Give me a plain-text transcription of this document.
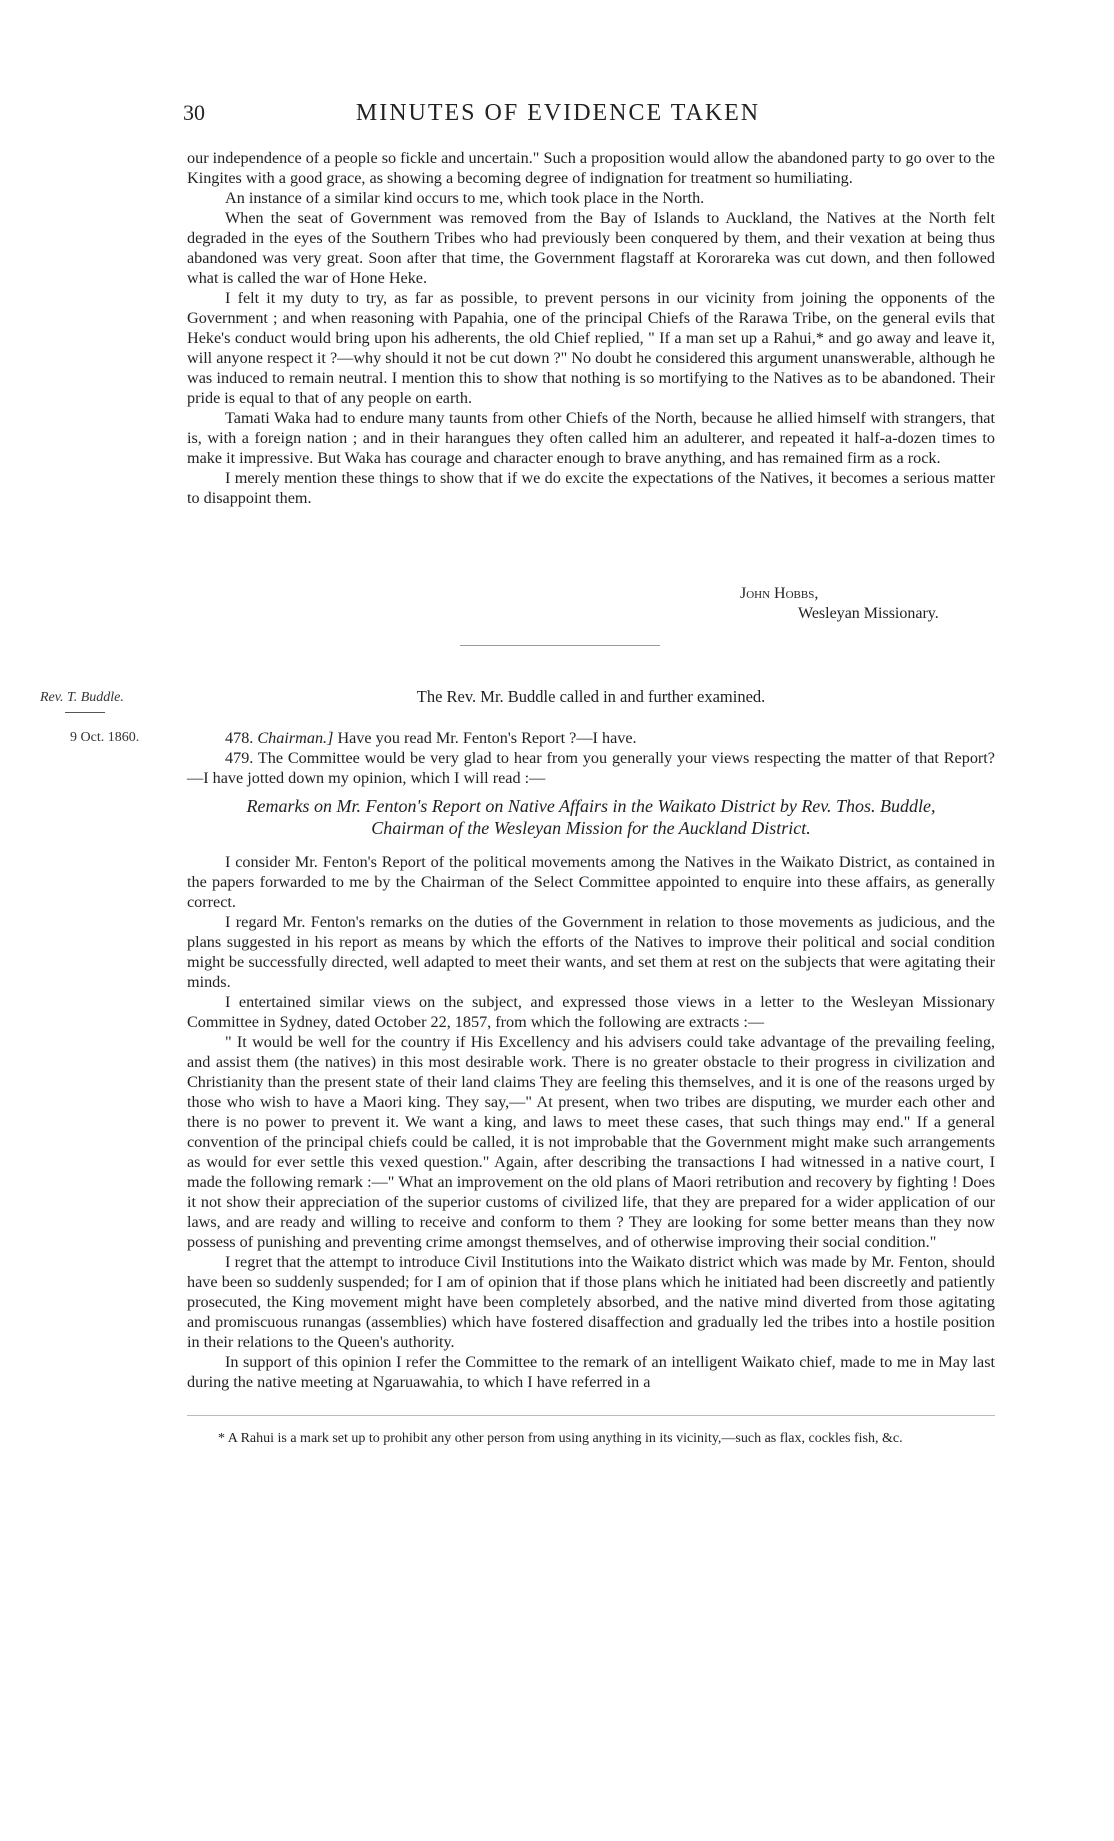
30	MINUTES OF EVIDENCE TAKEN

our independence of a people so fickle and uncertain." Such a proposition would allow the abandoned party to go over to the Kingites with a good grace, as showing a becoming degree of indignation for treatment so humiliating.

An instance of a similar kind occurs to me, which took place in the North.

When the seat of Government was removed from the Bay of Islands to Auckland, the Natives at the North felt degraded in the eyes of the Southern Tribes who had previously been conquered by them, and their vexation at being thus abandoned was very great. Soon after that time, the Government flagstaff at Kororareka was cut down, and then followed what is called the war of Hone Heke.

I felt it my duty to try, as far as possible, to prevent persons in our vicinity from joining the opponents of the Government ; and when reasoning with Papahia, one of the principal Chiefs of the Rarawa Tribe, on the general evils that Heke's conduct would bring upon his adherents, the old Chief replied, " If a man set up a Rahui,* and go away and leave it, will anyone respect it ?—why should it not be cut down ?" No doubt he considered this argument unanswerable, although he was induced to remain neutral. I mention this to show that nothing is so mortifying to the Natives as to be abandoned. Their pride is equal to that of any people on earth.

Tamati Waka had to endure many taunts from other Chiefs of the North, because he allied himself with strangers, that is, with a foreign nation ; and in their harangues they often called him an adulterer, and repeated it half-a-dozen times to make it impressive. But Waka has courage and character enough to brave anything, and has remained firm as a rock.

I merely mention these things to show that if we do excite the expectations of the Natives, it becomes a serious matter to disappoint them.

John Hobbs,
Wesleyan Missionary.
Rev. T. Buddle.
9 Oct. 1860.
The Rev. Mr. Buddle called in and further examined.

478. Chairman.] Have you read Mr. Fenton's Report ?—I have.

479. The Committee would be very glad to hear from you generally your views respecting the matter of that Report?—I have jotted down my opinion, which I will read :—

Remarks on Mr. Fenton's Report on Native Affairs in the Waikato District by Rev. Thos. Buddle,
Chairman of the Wesleyan Mission for the Auckland District.

I consider Mr. Fenton's Report of the political movements among the Natives in the Waikato District, as contained in the papers forwarded to me by the Chairman of the Select Committee appointed to enquire into these affairs, as generally correct.

I regard Mr. Fenton's remarks on the duties of the Government in relation to those movements as judicious, and the plans suggested in his report as means by which the efforts of the Natives to improve their political and social condition might be successfully directed, well adapted to meet their wants, and set them at rest on the subjects that were agitating their minds.

I entertained similar views on the subject, and expressed those views in a letter to the Wesleyan Missionary Committee in Sydney, dated October 22, 1857, from which the following are extracts :—

" It would be well for the country if His Excellency and his advisers could take advantage of the prevailing feeling, and assist them (the natives) in this most desirable work. There is no greater obstacle to their progress in civilization and Christianity than the present state of their land claims They are feeling this themselves, and it is one of the reasons urged by those who wish to have a Maori king. They say,—" At present, when two tribes are disputing, we murder each other and there is no power to prevent it. We want a king, and laws to meet these cases, that such things may end." If a general convention of the principal chiefs could be called, it is not improbable that the Government might make such arrangements as would for ever settle this vexed question." Again, after describing the transactions I had witnessed in a native court, I made the following remark :—" What an improvement on the old plans of Maori retribution and recovery by fighting ! Does it not show their appreciation of the superior customs of civilized life, that they are prepared for a wider application of our laws, and are ready and willing to receive and conform to them ? They are looking for some better means than they now possess of punishing and preventing crime amongst themselves, and of otherwise improving their social condition."

I regret that the attempt to introduce Civil Institutions into the Waikato district which was made by Mr. Fenton, should have been so suddenly suspended; for I am of opinion that if those plans which he initiated had been discreetly and patiently prosecuted, the King movement might have been completely absorbed, and the native mind diverted from those agitating and promiscuous runangas (assemblies) which have fostered disaffection and gradually led the tribes into a hostile position in their relations to the Queen's authority.

In support of this opinion I refer the Committee to the remark of an intelligent Waikato chief, made to me in May last during the native meeting at Ngaruawahia, to which I have referred in a

* A Rahui is a mark set up to prohibit any other person from using anything in its vicinity,—such as flax, cockles fish, &c.
